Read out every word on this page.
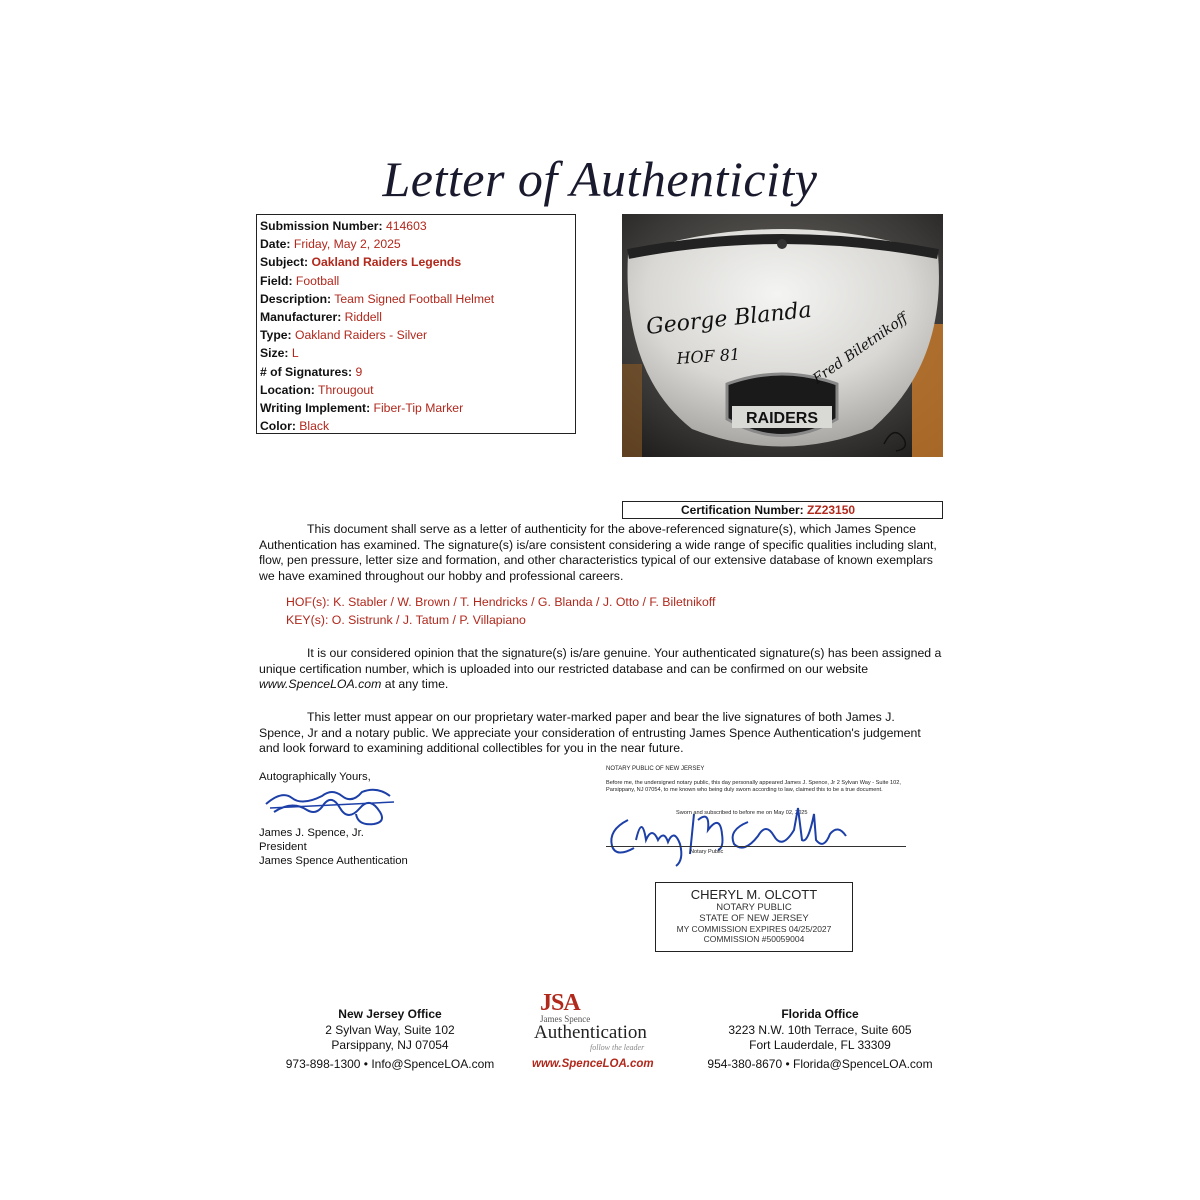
Letter of Authenticity
Submission Number: 414603
Date: Friday, May 2, 2025
Subject: Oakland Raiders Legends
Field: Football
Description: Team Signed Football Helmet
Manufacturer: Riddell
Type: Oakland Raiders - Silver
Size: L
# of Signatures: 9
Location: Througout
Writing Implement: Fiber-Tip Marker
Color: Black	RAIDERS
George Blanda
HOF 81	Fred Biletnikoff
Certification Number: ZZ23150
This document shall serve as a letter of authenticity for the above-referenced signature(s), which James Spence Authentication has examined. The signature(s) is/are consistent considering a wide range of specific qualities including slant, flow, pen pressure, letter size and formation, and other characteristics typical of our extensive database of known exemplars we have examined throughout our hobby and professional careers.
HOF(s): K. Stabler / W. Brown / T. Hendricks / G. Blanda / J. Otto / F. Biletnikoff
KEY(s): O. Sistrunk / J. Tatum / P. Villapiano
It is our considered opinion that the signature(s) is/are genuine. Your authenticated signature(s) has been assigned a unique certification number, which is uploaded into our restricted database and can be confirmed on our website www.SpenceLOA.com at any time.
This letter must appear on our proprietary water-marked paper and bear the live signatures of both James J. Spence, Jr and a notary public. We appreciate your consideration of entrusting James Spence Authentication's judgement and look forward to examining additional collectibles for you in the near future.
Autographically Yours,
James J. Spence, Jr.
President
James Spence Authentication
NOTARY PUBLIC OF NEW JERSEY
Before me, the undersigned notary public, this day personally appeared James J. Spence, Jr 2 Sylvan Way - Suite 102, Parsippany, NJ 07054, to me known who being duly sworn according to law, claimed this to be a true document.
Sworn and subscribed to before me on May 02, 2025
Notary Public
CHERYL M. OLCOTT
NOTARY PUBLIC
STATE OF NEW JERSEY
MY COMMISSION EXPIRES 04/25/2027
COMMISSION #50059004
New Jersey Office
2 Sylvan Way, Suite 102
Parsippany, NJ 07054
973-898-1300 • Info@SpenceLOA.com
Florida Office
3223 N.W. 10th Terrace, Suite 605
Fort Lauderdale, FL 33309
954-380-8670 • Florida@SpenceLOA.com
JSA
James Spence
Authentication
follow the leader
www.SpenceLOA.com
